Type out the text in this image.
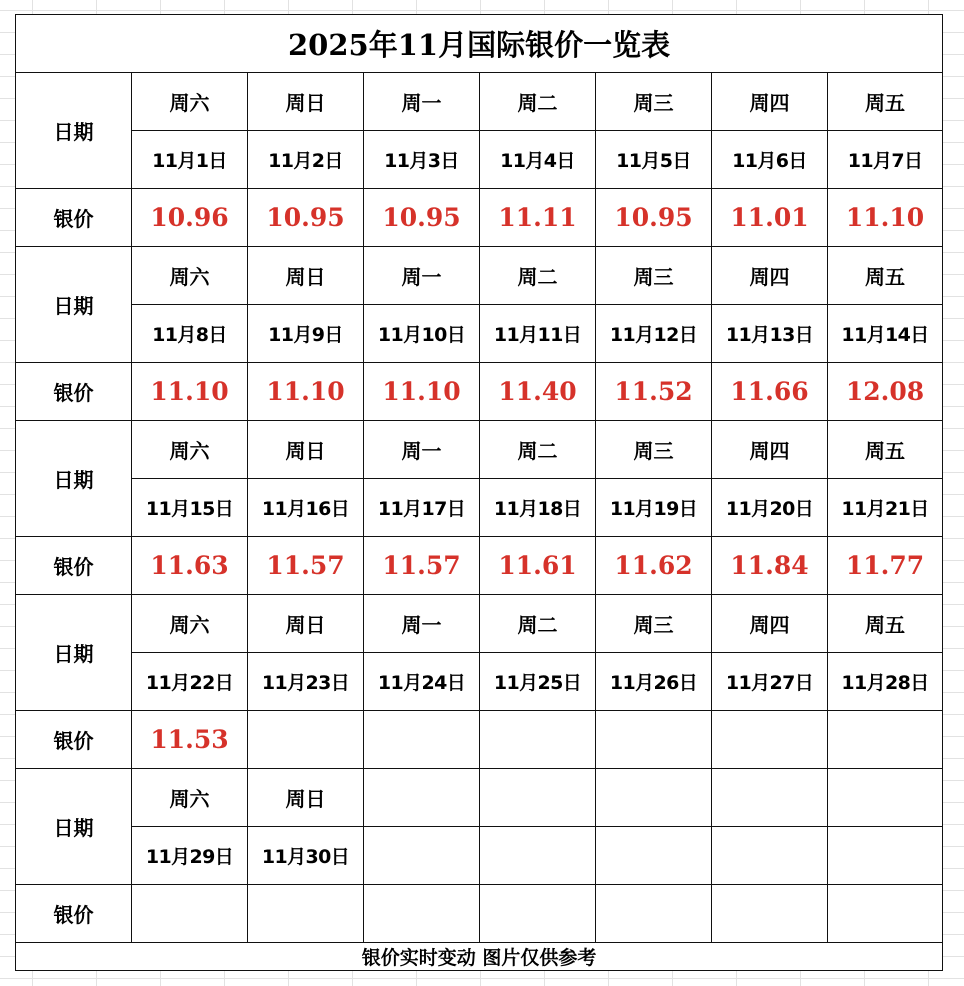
2025年11月国际银价一览表							
日期	周六	周日	周一	周二	周三	周四	周五
	11月1日	11月2日	11月3日	11月4日	11月5日	11月6日	11月7日
银价	10.96	10.95	10.95	11.11	10.95	11.01	11.10
日期	周六	周日	周一	周二	周三	周四	周五
	11月8日	11月9日	11月10日	11月11日	11月12日	11月13日	11月14日
银价	11.10	11.10	11.10	11.40	11.52	11.66	12.08
日期	周六	周日	周一	周二	周三	周四	周五
	11月15日	11月16日	11月17日	11月18日	11月19日	11月20日	11月21日
银价	11.63	11.57	11.57	11.61	11.62	11.84	11.77
日期	周六	周日	周一	周二	周三	周四	周五
	11月22日	11月23日	11月24日	11月25日	11月26日	11月27日	11月28日
银价	11.53						
日期	周六	周日					
	11月29日	11月30日					
银价							
银价实时变动 图片仅供参考							
